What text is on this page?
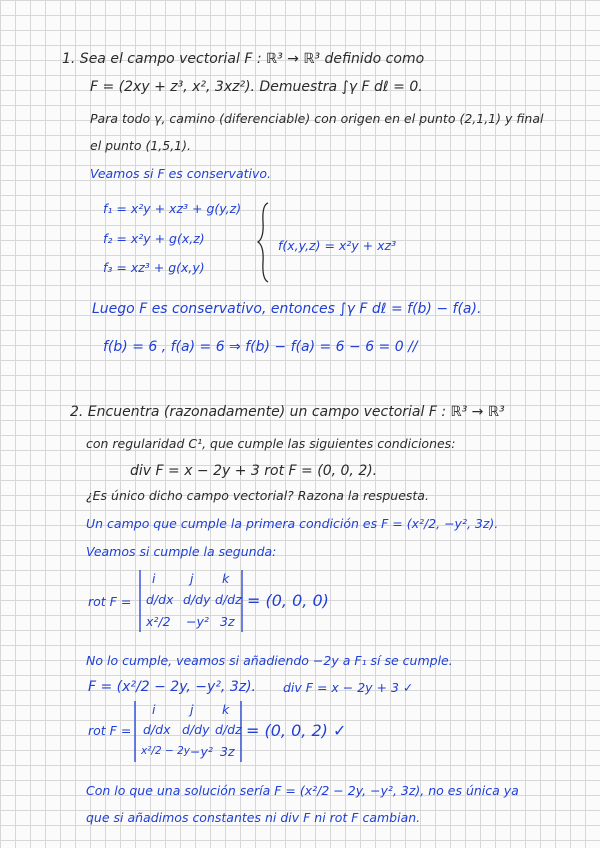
1. Sea el campo vectorial F : ℝ³ → ℝ³ definido como
F = (2xy + z³, x², 3xz²). Demuestra ∫γ F dℓ = 0.
Para todo γ, camino (diferenciable) con origen en el punto (2,1,1) y final
el punto (1,5,1).
Veamos si F es conservativo.
f₁ = x²y + xz³ + g(y,z)
f₂ = x²y + g(x,z)
f₃ = xz³ + g(x,y)
f(x,y,z) = x²y + xz³
Luego F es conservativo, entonces ∫γ F dℓ = f(b) − f(a).
f(b) = 6 , f(a) = 6 ⇒ f(b) − f(a) = 6 − 6 = 0 //
2. Encuentra (razonadamente) un campo vectorial F : ℝ³ → ℝ³
con regularidad C¹, que cumple las siguientes condiciones:
div F = x − 2y + 3 rot F = (0, 0, 2).
¿Es único dicho campo vectorial? Razona la respuesta.
Un campo que cumple la primera condición es F = (x²/2, −y², 3z).
Veamos si cumple la segunda:
rot F =
i	j k
d/dx d/dy d/dz
x²/2 −y² 3z
= (0, 0, 0)
No lo cumple, veamos si añadiendo −2y a F₁ sí se cumple.
F = (x²/2 − 2y, −y², 3z). div F = x − 2y + 3 ✓
rot F =
i	j k
d/dx d/dy d/dz
x²/2 − 2y −y² 3z
= (0, 0, 2) ✓
Con lo que una solución sería F = (x²/2 − 2y, −y², 3z), no es única ya
que si añadimos constantes ni div F ni rot F cambian.
